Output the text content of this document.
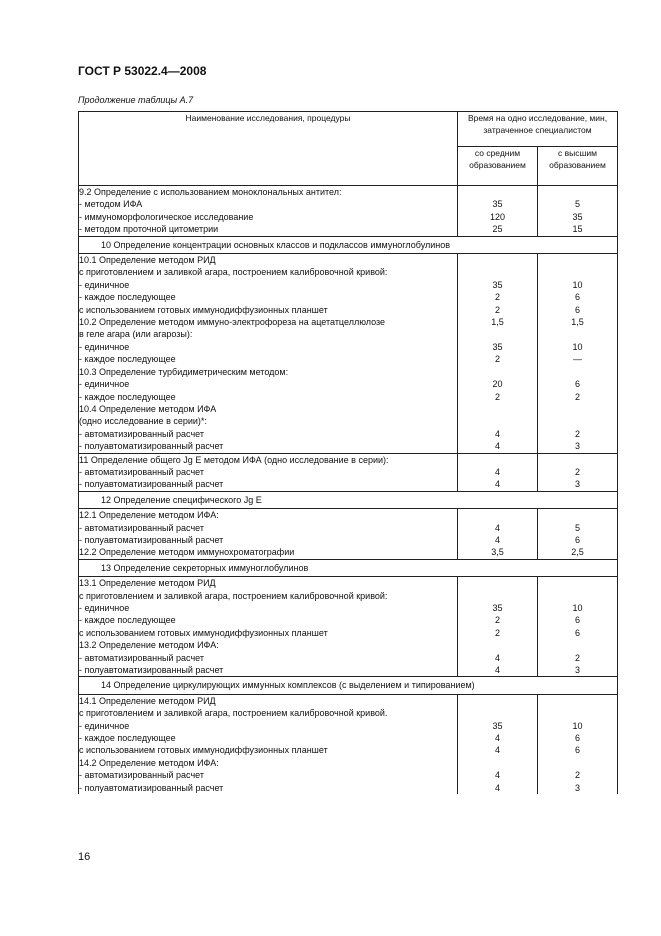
ГОСТ Р 53022.4—2008
Продолжение таблицы А.7
Наименование исследования, процедуры	Время на одно исследование, мин, затраченное специалистом	
	со средним образованием	с высшим образованием
9.2 Определение с использованием моноклональных антител:		
- методом ИФА	35	5
- иммуноморфологическое исследование	120	35
- методом проточной цитометрии	25	15
10 Определение концентрации основных классов и подклассов иммуноглобулинов		
10.1 Определение методом РИД		
с приготовлением и заливкой агара, построением калибровочной кривой:		
- единичное	35	10
- каждое последующее	2	6
с использованием готовых иммунодиффузионных планшет	2	6
10.2 Определение методом иммуно-электрофореза на ацетатцеллюлозе	1,5	1,5
в геле агара (или агарозы):		
- единичное	35	10
- каждое последующее	2	—
10.3 Определение турбидиметрическим методом:		
- единичное	20	6
- каждое последующее	2	2
10.4 Определение методом ИФА		
(одно исследование в серии)*:		
- автоматизированный расчет	4	2
- полуавтоматизированный расчет	4	3
11 Определение общего Jg E методом ИФА (одно исследование в серии):		
- автоматизированный расчет	4	2
- полуавтоматизированный расчет	4	3
12 Определение специфического Jg E		
12.1 Определение методом ИФА:		
- автоматизированный расчет	4	5
- полуавтоматизированный расчет	4	6
12.2 Определение методом иммунохроматографии	3,5	2,5
13 Определение секреторных иммуноглобулинов		
13.1 Определение методом РИД		
с приготовлением и заливкой агара, построением калибровочной кривой:		
- единичное	35	10
- каждое последующее	2	6
с использованием готовых иммунодиффузионных планшет	2	6
13.2 Определение методом ИФА:		
- автоматизированный расчет	4	2
- полуавтоматизированный расчет	4	3
14 Определение циркулирующих иммунных комплексов (с выделением и типированием)		
14.1 Определение методом РИД		
с приготовлением и заливкой агара, построением калибровочной кривой.		
- единичное	35	10
- каждое последующее	4	6
с использованием готовых иммунодиффузионных планшет	4	6
14.2 Определение методом ИФА:		
- автоматизированный расчет	4	2
- полуавтоматизированный расчет	4	3
16
